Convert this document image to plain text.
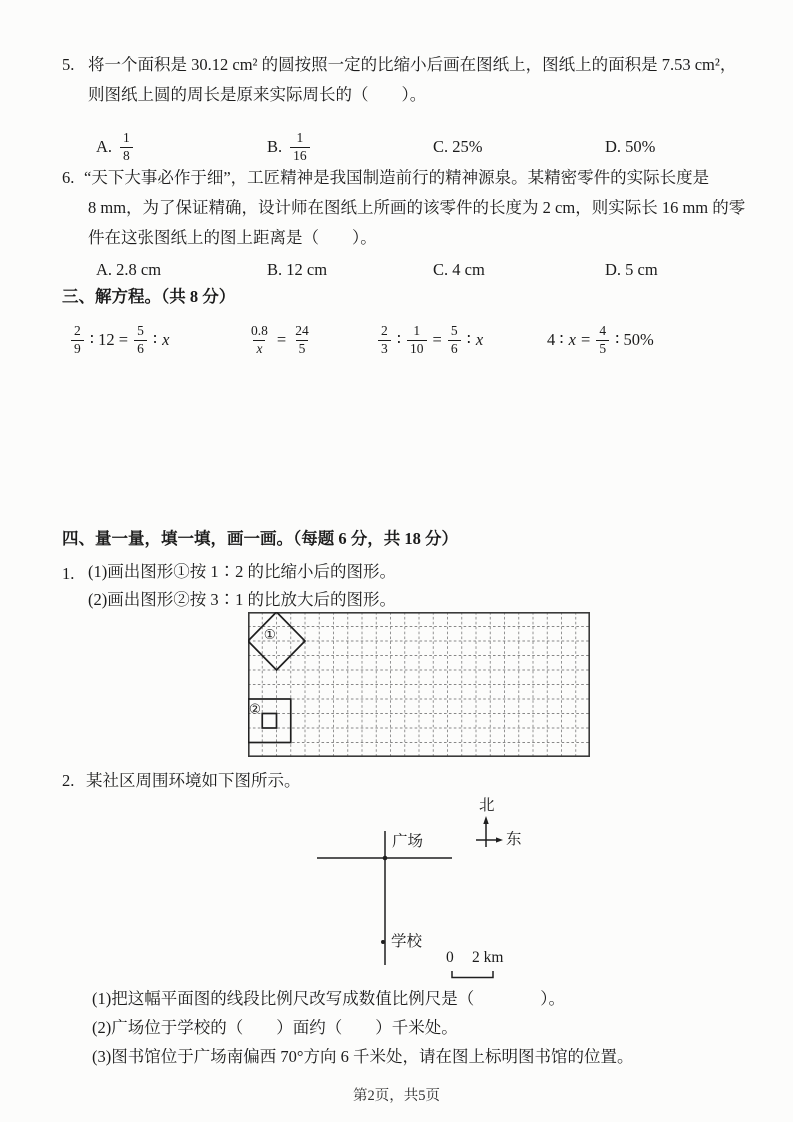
5. 将一个面积是 30.12 cm² 的圆按照一定的比缩小后画在图纸上，图纸上的面积是 7.53 cm²，
则图纸上圆的周长是原来实际周长的（　　）。
A. $\frac{1}{8}$	B. $\frac{1}{16}$	C. 25%	D. 50%
6. “天下大事必作于细”，工匠精神是我国制造前行的精神源泉。某精密零件的实际长度是
8 mm，为了保证精确，设计师在图纸上所画的该零件的长度为 2 cm，则实际长 16 mm 的零
件在这张图纸上的图上距离是（　　）。
A. 2.8 cm	B. 12 cm	C. 4 cm	D. 5 cm
三、解方程。（共 8 分）
$\frac{2}{9}$ ∶ $12 = \frac{5}{6}$ ∶ x	$\frac{0.8}{x} = \frac{24}{5}$	$\frac{2}{3}$ ∶ $\frac{1}{10} = \frac{5}{6}$ ∶ x	4 ∶ $x = \frac{4}{5}$ ∶ 50%
四、量一量，填一填，画一画。（每题 6 分，共 18 分）
1. (1)画出图形①按 1∶2 的比缩小后的图形。
(2)画出图形②按 3∶1 的比放大后的图形。
①
②
2. 某社区周围环境如下图所示。
北
东
广场
学校
0 2 km
(1)把这幅平面图的线段比例尺改写成数值比例尺是（　　　　）。
(2)广场位于学校的（　　）面约（　　）千米处。
(3)图书馆位于广场南偏西 70°方向 6 千米处，请在图上标明图书馆的位置。
第2页，共5页
